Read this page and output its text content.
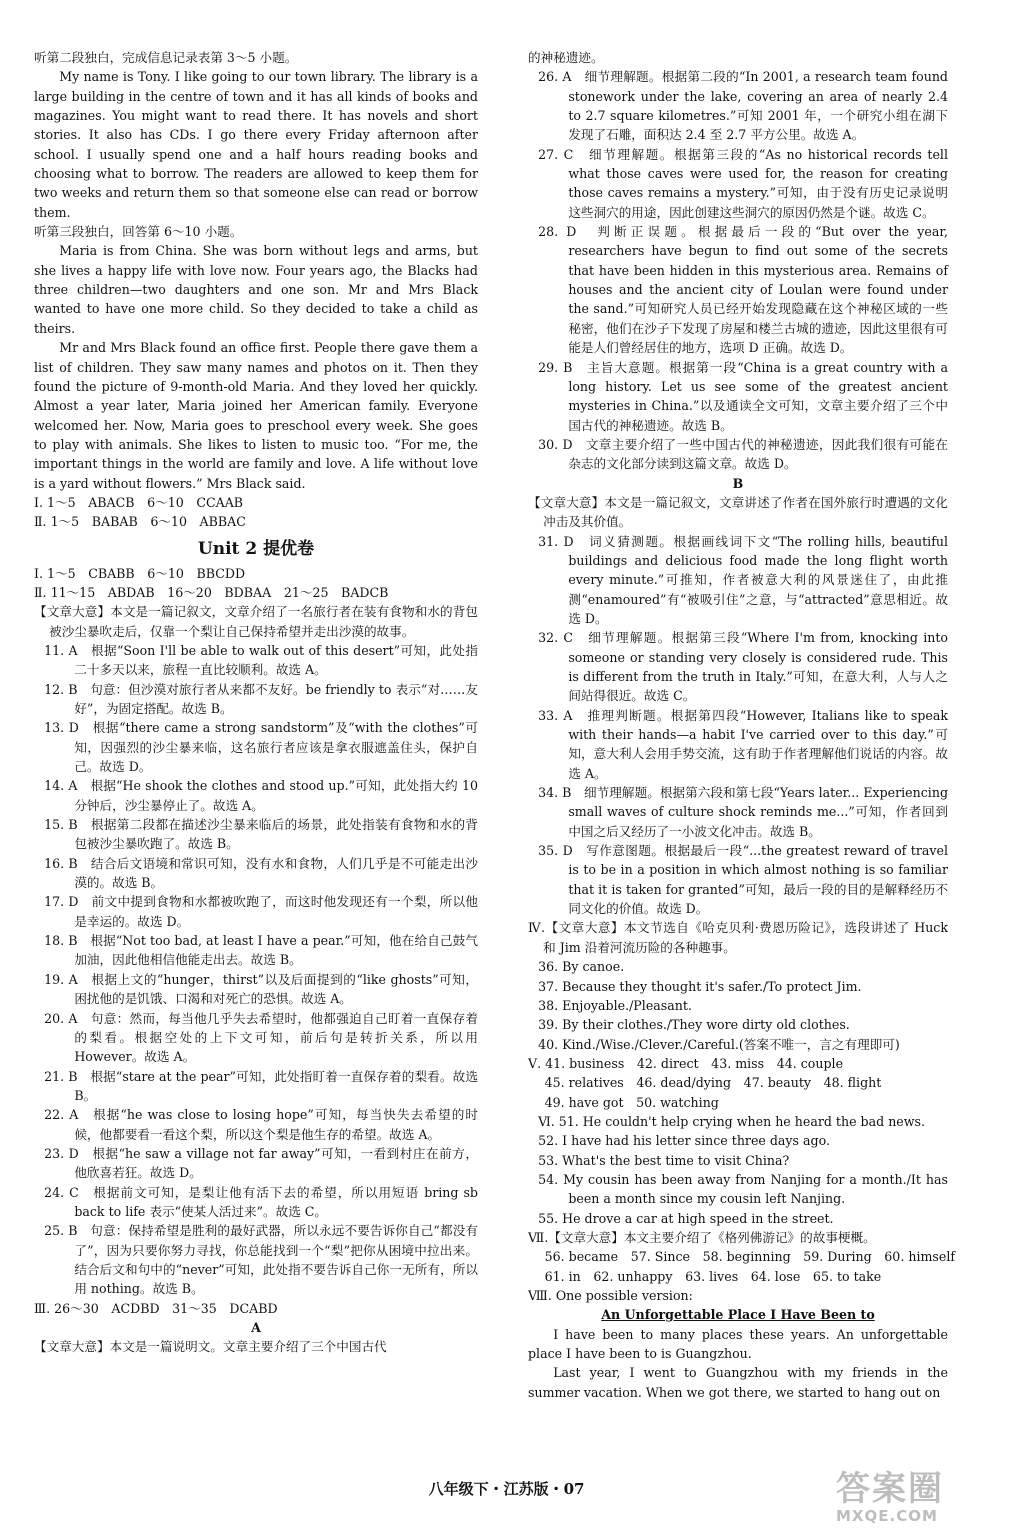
听第二段独白，完成信息记录表第 3～5 小题。
My name is Tony. I like going to our town library. The library is a large building in the centre of town and it has all kinds of books and magazines. You might want to read there. It has novels and short stories. It also has CDs. I go there every Friday afternoon after school. I usually spend one and a half hours reading books and choosing what to borrow. The readers are allowed to keep them for two weeks and return them so that someone else can read or borrow them.
听第三段独白，回答第 6～10 小题。
Maria is from China. She was born without legs and arms, but she lives a happy life with love now. Four years ago, the Blacks had three children—two daughters and one son. Mr and Mrs Black wanted to have one more child. So they decided to take a child as theirs.
Mr and Mrs Black found an office first. People there gave them a list of children. They saw many names and photos on it. Then they found the picture of 9-month-old Maria. And they loved her quickly. Almost a year later, Maria joined her American family. Everyone welcomed her. Now, Maria goes to preschool every week. She goes to play with animals. She likes to listen to music too. “For me, the important things in the world are family and love. A life without love is a yard without flowers.” Mrs Black said.
Ⅰ. 1～5　ABACB　6～10　CCAAB
Ⅱ. 1～5　BABAB　6～10　ABBAC
Unit 2 提优卷
Ⅰ. 1～5　CBABB　6～10　BBCDD
Ⅱ. 11～15　ABDAB　16～20　BDBAA　21～25　BADCB
【文章大意】本文是一篇记叙文，文章介绍了一名旅行者在装有食物和水的背包被沙尘暴吹走后，仅靠一个梨让自己保持希望并走出沙漠的故事。
11. A　根据“Soon I'll be able to walk out of this desert”可知，此处指二十多天以来，旅程一直比较顺利。故选 A。
12. B　句意：但沙漠对旅行者从来都不友好。be friendly to 表示“对……友好”，为固定搭配。故选 B。
13. D　根据“there came a strong sandstorm”及“with the clothes”可知，因强烈的沙尘暴来临，这名旅行者应该是拿衣服遮盖住头，保护自己。故选 D。
14. A　根据“He shook the clothes and stood up.”可知，此处指大约 10 分钟后，沙尘暴停止了。故选 A。
15. B　根据第二段都在描述沙尘暴来临后的场景，此处指装有食物和水的背包被沙尘暴吹跑了。故选 B。
16. B　结合后文语境和常识可知，没有水和食物，人们几乎是不可能走出沙漠的。故选 B。
17. D　前文中提到食物和水都被吹跑了，而这时他发现还有一个梨，所以他是幸运的。故选 D。
18. B　根据“Not too bad, at least I have a pear.”可知，他在给自己鼓气加油，因此他相信他能走出去。故选 B。
19. A　根据上文的“hunger，thirst”以及后面提到的“like ghosts”可知，困扰他的是饥饿、口渴和对死亡的恐惧。故选 A。
20. A　句意：然而，每当他几乎失去希望时，他都强迫自己盯着一直保存着的梨看。根据空处的上下文可知，前后句是转折关系，所以用 However。故选 A。
21. B　根据“stare at the pear”可知，此处指盯着一直保存着的梨看。故选 B。
22. A　根据“he was close to losing hope”可知，每当快失去希望的时候，他都要看一看这个梨，所以这个梨是他生存的希望。故选 A。
23. D　根据“he saw a village not far away”可知，一看到村庄在前方，他欣喜若狂。故选 D。
24. C　根据前文可知，是梨让他有活下去的希望，所以用短语 bring sb back to life 表示“使某人活过来”。故选 C。
25. B　句意：保持希望是胜利的最好武器，所以永远不要告诉你自己“都没有了”，因为只要你努力寻找，你总能找到一个“梨”把你从困境中拉出来。结合后文和句中的“never”可知，此处指不要告诉自己你一无所有，所以用 nothing。故选 B。
Ⅲ. 26～30　ACDBD　31～35　DCABD
A
【文章大意】本文是一篇说明文。文章主要介绍了三个中国古代
的神秘遗迹。
26. A　细节理解题。根据第二段的“In 2001, a research team found stonework under the lake, covering an area of nearly 2.4 to 2.7 square kilometres.”可知 2001 年，一个研究小组在湖下发现了石雕，面积达 2.4 至 2.7 平方公里。故选 A。
27. C　细节理解题。根据第三段的“As no historical records tell what those caves were used for, the reason for creating those caves remains a mystery.”可知，由于没有历史记录说明这些洞穴的用途，因此创建这些洞穴的原因仍然是个谜。故选 C。
28. D　判断正误题。根据最后一段的“But over the year, researchers have begun to find out some of the secrets that have been hidden in this mysterious area. Remains of houses and the ancient city of Loulan were found under the sand.”可知研究人员已经开始发现隐藏在这个神秘区域的一些秘密，他们在沙子下发现了房屋和楼兰古城的遗迹，因此这里很有可能是人们曾经居住的地方，选项 D 正确。故选 D。
29. B　主旨大意题。根据第一段“China is a great country with a long history. Let us see some of the greatest ancient mysteries in China.”以及通读全文可知，文章主要介绍了三个中国古代的神秘遗迹。故选 B。
30. D　文章主要介绍了一些中国古代的神秘遗迹，因此我们很有可能在杂志的文化部分读到这篇文章。故选 D。
B
【文章大意】本文是一篇记叙文，文章讲述了作者在国外旅行时遭遇的文化冲击及其价值。
31. D　词义猜测题。根据画线词下文“The rolling hills, beautiful buildings and delicious food made the long flight worth every minute.”可推知，作者被意大利的风景迷住了，由此推测“enamoured”有“被吸引住”之意，与“attracted”意思相近。故选 D。
32. C　细节理解题。根据第三段“Where I'm from, knocking into someone or standing very closely is considered rude. This is different from the truth in Italy.”可知，在意大利，人与人之间站得很近。故选 C。
33. A　推理判断题。根据第四段“However, Italians like to speak with their hands—a habit I've carried over to this day.”可知，意大利人会用手势交流，这有助于作者理解他们说话的内容。故选 A。
34. B　细节理解题。根据第六段和第七段“Years later... Experiencing small waves of culture shock reminds me...”可知，作者回到中国之后又经历了一小波文化冲击。故选 B。
35. D　写作意图题。根据最后一段“...the greatest reward of travel is to be in a position in which almost nothing is so familiar that it is taken for granted”可知，最后一段的目的是解释经历不同文化的价值。故选 D。
Ⅳ.【文章大意】本文节选自《哈克贝利·费恩历险记》，选段讲述了 Huck 和 Jim 沿着河流历险的各种趣事。
36. By canoe.
37. Because they thought it's safer./To protect Jim.
38. Enjoyable./Pleasant.
39. By their clothes./They wore dirty old clothes.
40. Kind./Wise./Clever./Careful.(答案不唯一，言之有理即可)
Ⅴ. 41. business　42. direct　43. miss　44. couple
　 45. relatives　46. dead/dying　47. beauty　48. flight
　 49. have got　50. watching
Ⅵ. 51. He couldn't help crying when he heard the bad news.
52. I have had his letter since three days ago.
53. What's the best time to visit China?
54. My cousin has been away from Nanjing for a month./It has been a month since my cousin left Nanjing.
55. He drove a car at high speed in the street.
Ⅶ.【文章大意】本文主要介绍了《格列佛游记》的故事梗概。
　 56. became　57. Since　58. beginning　59. During　60. himself
　 61. in　62. unhappy　63. lives　64. lose　65. to take
Ⅷ. One possible version:
An Unforgettable Place I Have Been to
I have been to many places these years. An unforgettable place I have been to is Guangzhou.
Last year, I went to Guangzhou with my friends in the summer vacation. When we got there, we started to hang out on
八年级下・江苏版・07	答案圈
MXQE.COM
